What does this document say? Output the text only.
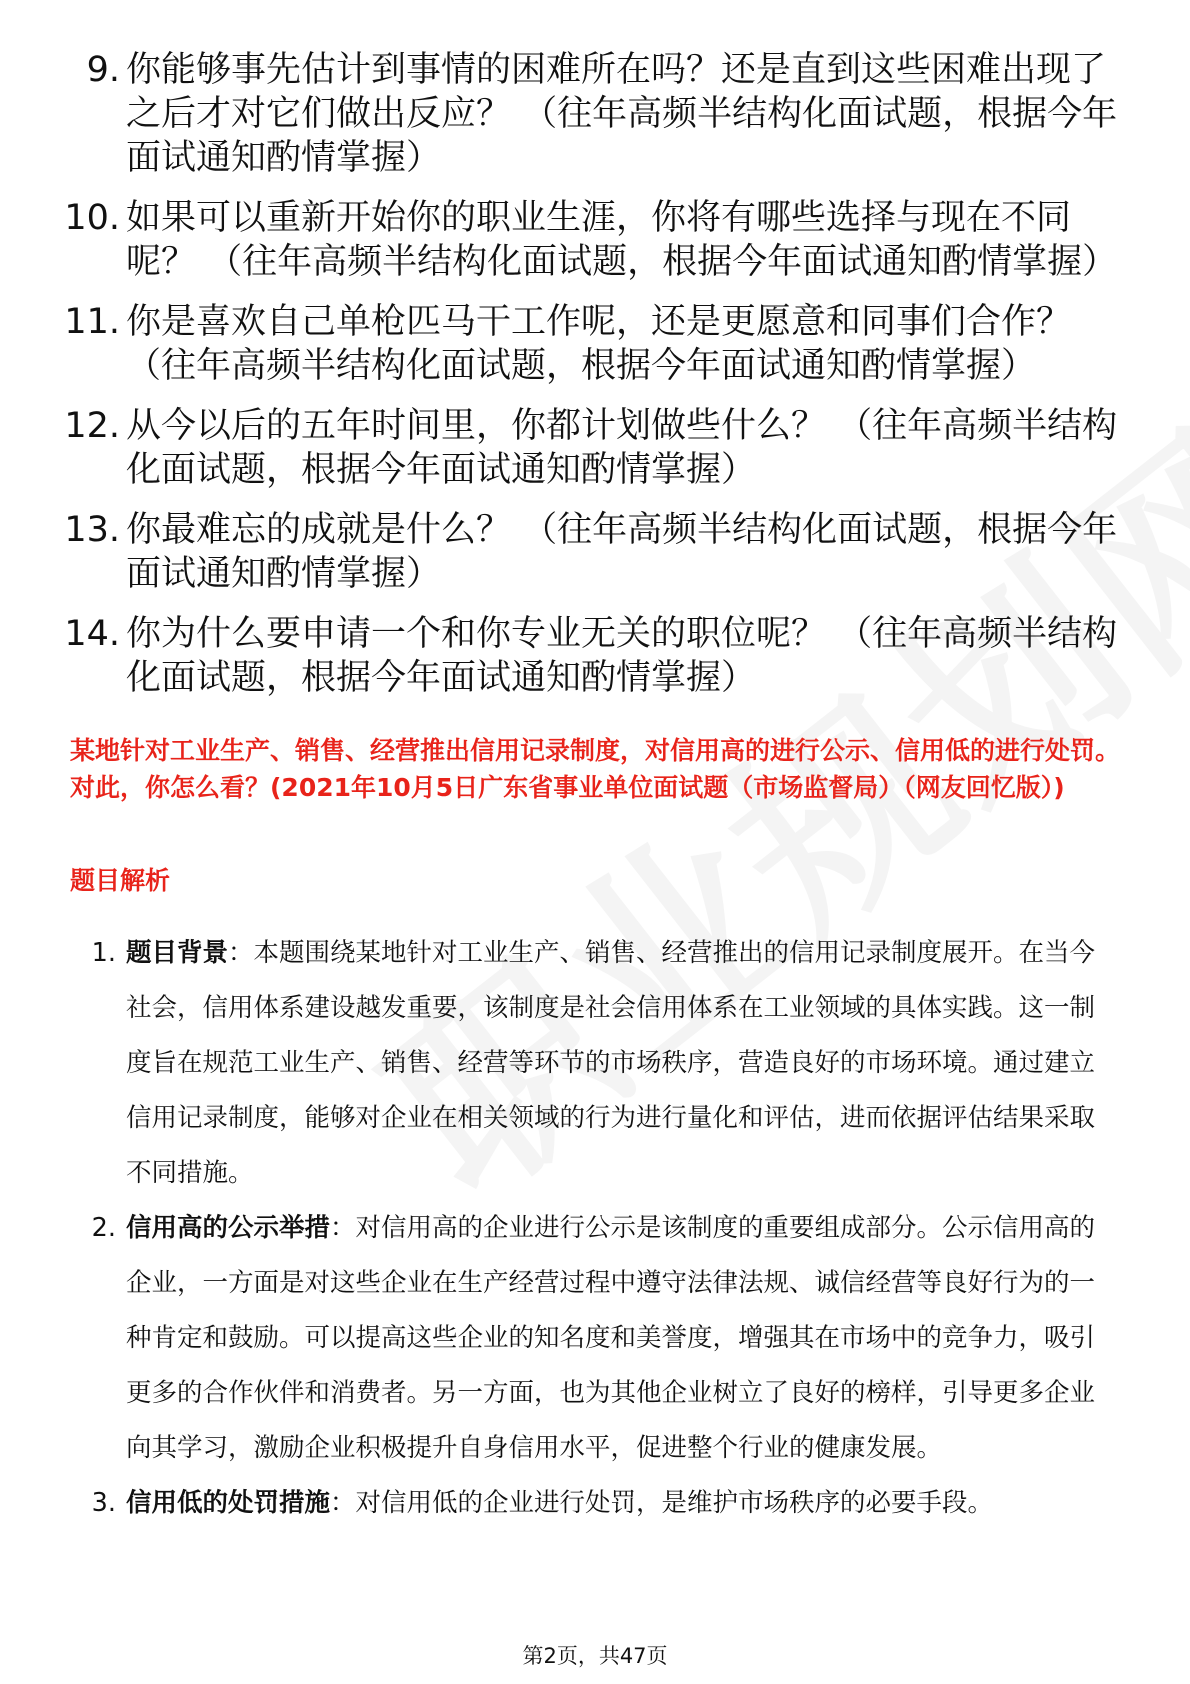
9. 你能够事先估计到事情的困难所在吗？还是直到这些困难出现了之后才对它们做出反应？ （往年高频半结构化面试题，根据今年面试通知酌情掌握）
10. 如果可以重新开始你的职业生涯，你将有哪些选择与现在不同呢？ （往年高频半结构化面试题，根据今年面试通知酌情掌握）
11. 你是喜欢自己单枪匹马干工作呢，还是更愿意和同事们合作？ （往年高频半结构化面试题，根据今年面试通知酌情掌握）
12. 从今以后的五年时间里，你都计划做些什么？ （往年高频半结构化面试题，根据今年面试通知酌情掌握）
13. 你最难忘的成就是什么？ （往年高频半结构化面试题，根据今年面试通知酌情掌握）
14. 你为什么要申请一个和你专业无关的职位呢？ （往年高频半结构化面试题，根据今年面试通知酌情掌握）
某地针对工业生产、销售、经营推出信用记录制度，对信用高的进行公示、信用低的进行处罚。对此，你怎么看？(2021年10月5日广东省事业单位面试题（市场监督局）（网友回忆版）)
题目解析
1. 题目背景：本题围绕某地针对工业生产、销售、经营推出的信用记录制度展开。在当今社会，信用体系建设越发重要，该制度是社会信用体系在工业领域的具体实践。这一制度旨在规范工业生产、销售、经营等环节的市场秩序，营造良好的市场环境。通过建立信用记录制度，能够对企业在相关领域的行为进行量化和评估，进而依据评估结果采取不同措施。
2. 信用高的公示举措：对信用高的企业进行公示是该制度的重要组成部分。公示信用高的企业，一方面是对这些企业在生产经营过程中遵守法律法规、诚信经营等良好行为的一种肯定和鼓励。可以提高这些企业的知名度和美誉度，增强其在市场中的竞争力，吸引更多的合作伙伴和消费者。另一方面，也为其他企业树立了良好的榜样，引导更多企业向其学习，激励企业积极提升自身信用水平，促进整个行业的健康发展。
3. 信用低的处罚措施：对信用低的企业进行处罚，是维护市场秩序的必要手段。
第2页，共47页
